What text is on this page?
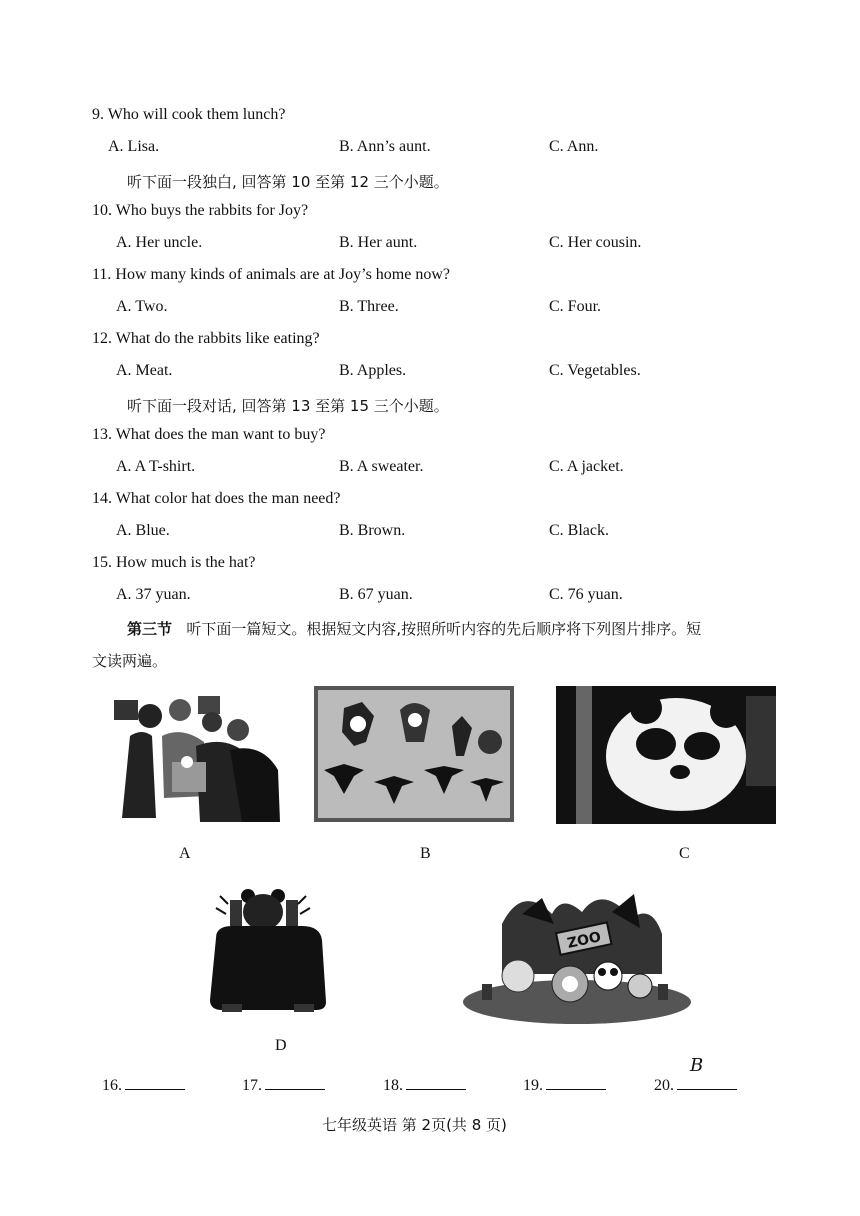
9. Who will cook them lunch?
A. Lisa.	B. Ann’s aunt.	C. Ann.
听下面一段独白, 回答第 10 至第 12 三个小题。
10. Who buys the rabbits for Joy?
A. Her uncle.	B. Her aunt.	C. Her cousin.
11. How many kinds of animals are at Joy’s home now?
A. Two.	B. Three.	C. Four.
12. What do the rabbits like eating?
A. Meat.	B. Apples.	C. Vegetables.
听下面一段对话, 回答第 13 至第 15 三个小题。
13. What does the man want to buy?
A. A T-shirt.	B. A sweater.	C. A jacket.
14. What color hat does the man need?
A. Blue.	B. Brown.	C. Black.
15. How much is the hat?
A. 37 yuan.	B. 67 yuan.	C. 76 yuan.
第三节 听下面一篇短文。根据短文内容,按照所听内容的先后顺序将下列图片排序。短
文读两遍。
A	B	C
ZOO
D
16.	17.	18.	19.	20.
B
七年级英语 第 2页(共 8 页)
